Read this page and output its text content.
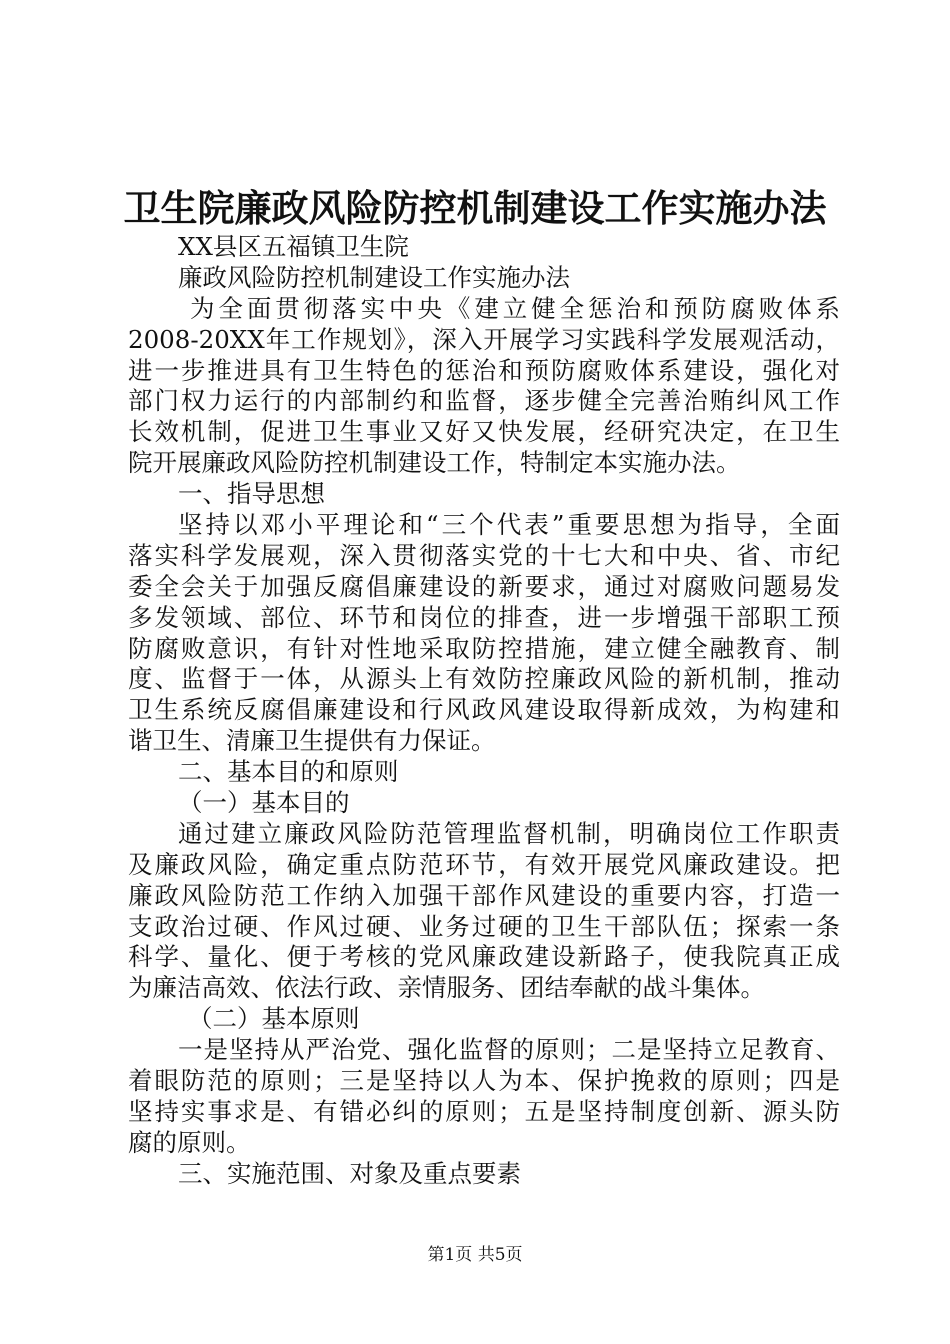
卫生院廉政风险防控机制建设工作实施办法
XX县区五福镇卫生院
廉政风险防控机制建设工作实施办法
为全面贯彻落实中央《建立健全惩治和预防腐败体系
2008-20XX年工作规划》，深入开展学习实践科学发展观活动，
进一步推进具有卫生特色的惩治和预防腐败体系建设，强化对
部门权力运行的内部制约和监督，逐步健全完善治贿纠风工作
长效机制，促进卫生事业又好又快发展，经研究决定，在卫生
院开展廉政风险防控机制建设工作，特制定本实施办法。
一、指导思想
坚持以邓小平理论和“三个代表”重要思想为指导，全面
落实科学发展观，深入贯彻落实党的十七大和中央、省、市纪
委全会关于加强反腐倡廉建设的新要求，通过对腐败问题易发
多发领域、部位、环节和岗位的排查，进一步增强干部职工预
防腐败意识，有针对性地采取防控措施，建立健全融教育、制
度、监督于一体，从源头上有效防控廉政风险的新机制，推动
卫生系统反腐倡廉建设和行风政风建设取得新成效，为构建和
谐卫生、清廉卫生提供有力保证。
二、基本目的和原则
（一）基本目的
通过建立廉政风险防范管理监督机制，明确岗位工作职责
及廉政风险，确定重点防范环节，有效开展党风廉政建设。把
廉政风险防范工作纳入加强干部作风建设的重要内容，打造一
支政治过硬、作风过硬、业务过硬的卫生干部队伍；探索一条
科学、量化、便于考核的党风廉政建设新路子，使我院真正成
为廉洁高效、依法行政、亲情服务、团结奉献的战斗集体。
（二）基本原则
一是坚持从严治党、强化监督的原则；二是坚持立足教育、
着眼防范的原则；三是坚持以人为本、保护挽救的原则；四是
坚持实事求是、有错必纠的原则；五是坚持制度创新、源头防
腐的原则。
三、实施范围、对象及重点要素
第1页 共5页
